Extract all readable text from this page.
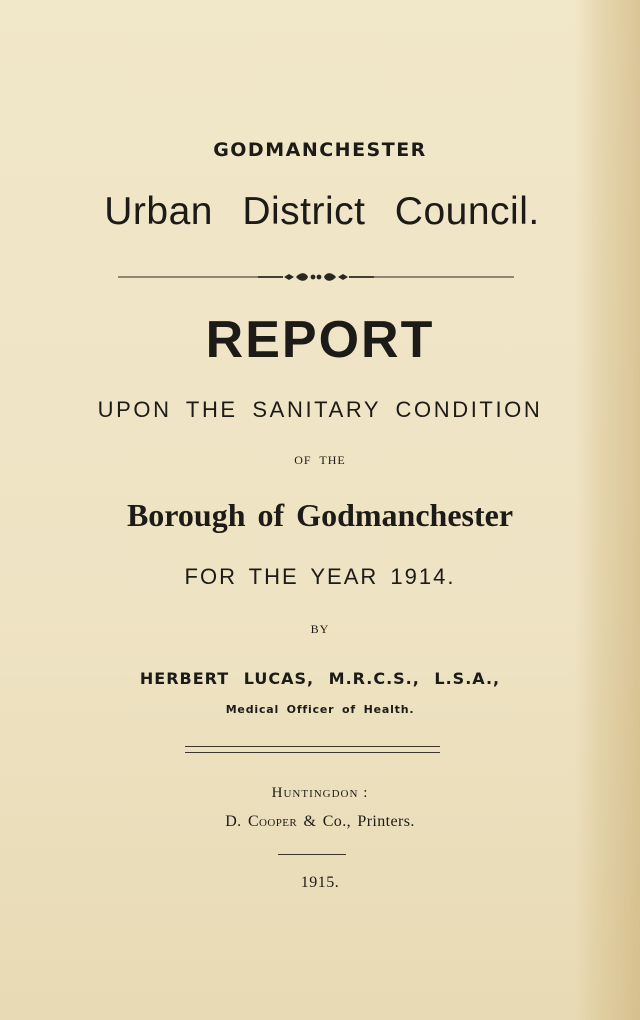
GODMANCHESTER
Urban District Council.
REPORT
UPON THE SANITARY CONDITION
OF THE
Borough of Godmanchester
FOR THE YEAR 1914.
BY
HERBERT LUCAS, M.R.C.S., L.S.A.,
Medical Officer of Health.
Huntingdon :
D. Cooper & Co., Printers.
1915.
